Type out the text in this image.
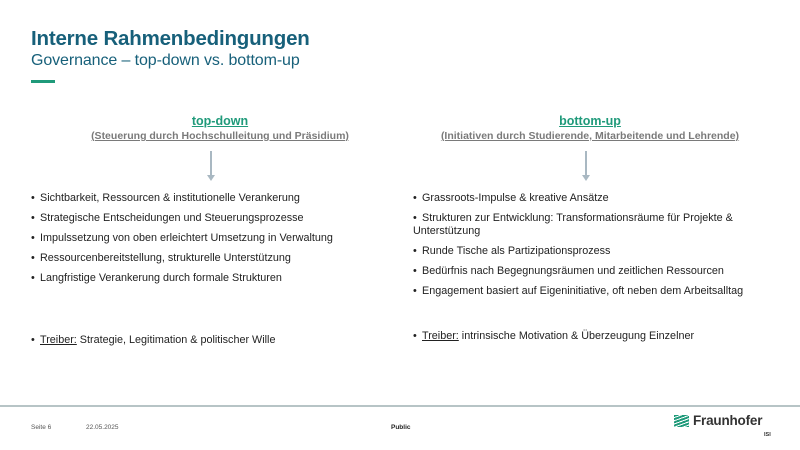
Interne Rahmenbedingungen
Governance – top-down vs. bottom-up
top-down
(Steuerung durch Hochschulleitung und Präsidium)
bottom-up
(Initiativen durch Studierende, Mitarbeitende und Lehrende)
• Sichtbarkeit, Ressourcen & institutionelle Verankerung
• Strategische Entscheidungen und Steuerungsprozesse
• Impulssetzung von oben erleichtert Umsetzung in Verwaltung
• Ressourcenbereitstellung, strukturelle Unterstützung
• Langfristige Verankerung durch formale Strukturen
• Treiber: Strategie, Legitimation & politischer Wille
• Grassroots-Impulse & kreative Ansätze
• Strukturen zur Entwicklung: Transformationsräume für Projekte & Unterstützung
• Runde Tische als Partizipationsprozess
• Bedürfnis nach Begegnungsräumen und zeitlichen Ressourcen
• Engagement basiert auf Eigeninitiative, oft neben dem Arbeitsalltag
• Treiber: intrinsische Motivation & Überzeugung Einzelner
Seite 6	22.05.2025	Public	Fraunhofer
ISI
